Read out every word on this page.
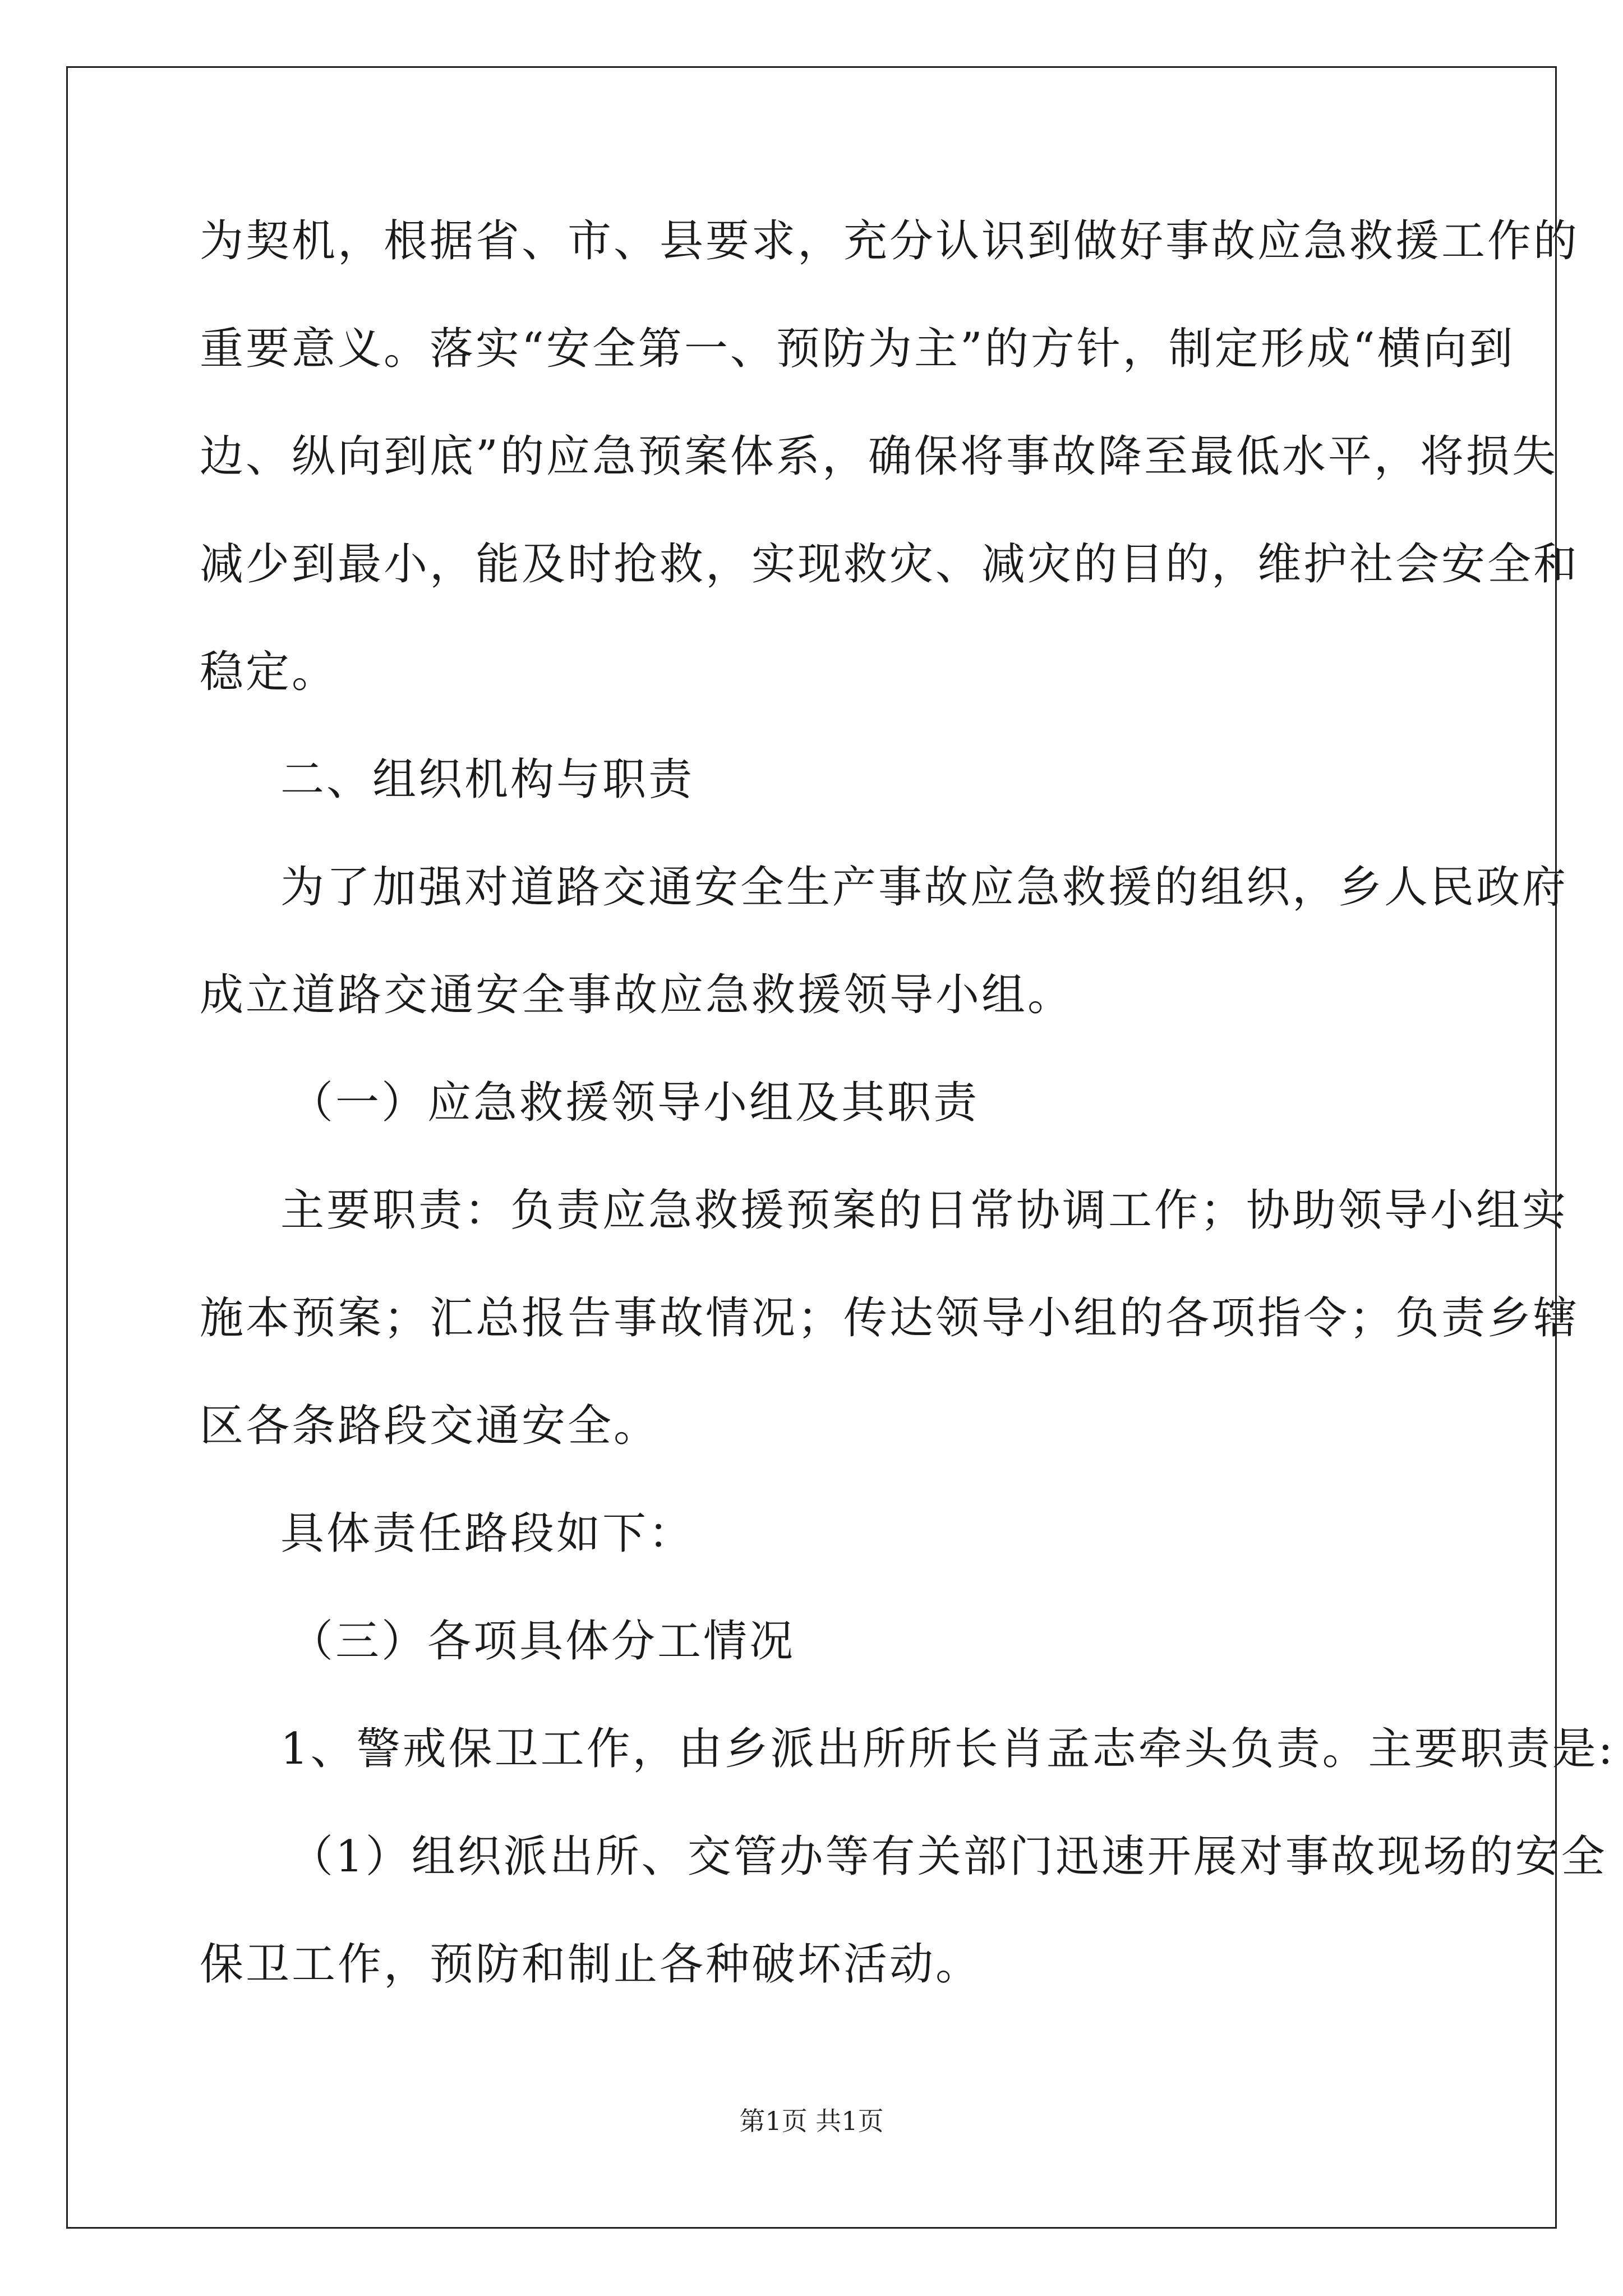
为契机，根据省、市、县要求，充分认识到做好事故应急救援工作的
重要意义。落实“安全第一、预防为主”的方针，制定形成“横向到
边、纵向到底”的应急预案体系，确保将事故降至最低水平，将损失
减少到最小，能及时抢救，实现救灾、减灾的目的，维护社会安全和
稳定。
二、组织机构与职责
为了加强对道路交通安全生产事故应急救援的组织，乡人民政府
成立道路交通安全事故应急救援领导小组。
（一）应急救援领导小组及其职责
主要职责：负责应急救援预案的日常协调工作；协助领导小组实
施本预案；汇总报告事故情况；传达领导小组的各项指令；负责乡辖
区各条路段交通安全。
具体责任路段如下：
（三）各项具体分工情况
1、警戒保卫工作，由乡派出所所长肖孟志牵头负责。主要职责是:
（1）组织派出所、交管办等有关部门迅速开展对事故现场的安全
保卫工作，预防和制止各种破坏活动。
第1页 共1页
